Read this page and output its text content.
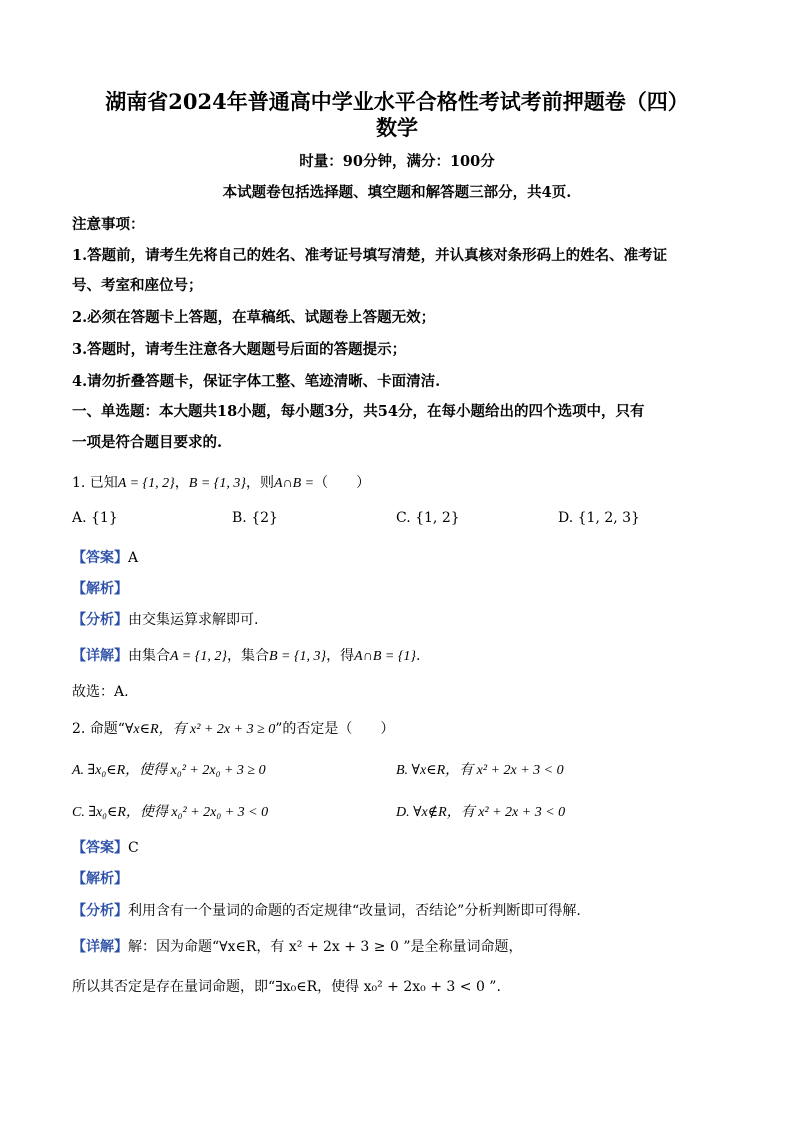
湖南省2024年普通高中学业水平合格性考试考前押题卷（四）
数学
时量：90分钟，满分：100分
本试题卷包括选择题、填空题和解答题三部分，共4页.
注意事项：
1.答题前，请考生先将自己的姓名、准考证号填写清楚，并认真核对条形码上的姓名、准考证
号、考室和座位号；
2.必须在答题卡上答题，在草稿纸、试题卷上答题无效；
3.答题时，请考生注意各大题题号后面的答题提示；
4.请勿折叠答题卡，保证字体工整、笔迹清晰、卡面清洁.
一、单选题：本大题共18小题，每小题3分，共54分，在每小题给出的四个选项中，只有
一项是符合题目要求的.
1. 已知A = {1, 2}，B = {1, 3}，则A∩B =（　　）
A. {1}	B. {2}	C. {1, 2}	D. {1, 2, 3}
【答案】A
【解析】
【分析】由交集运算求解即可.
【详解】由集合A = {1, 2}，集合B = {1, 3}，得A∩B = {1}.
故选：A.
2. 命题“∀x∈R，有 x² + 2x + 3 ≥ 0”的否定是（　　）
A. ∃x₀∈R，使得 x₀² + 2x₀ + 3 ≥ 0	B. ∀x∈R，有 x² + 2x + 3 < 0
C. ∃x₀∈R，使得 x₀² + 2x₀ + 3 < 0	D. ∀x∉R，有 x² + 2x + 3 < 0
【答案】C
【解析】
【分析】利用含有一个量词的命题的否定规律“改量词，否结论”分析判断即可得解.
【详解】解：因为命题“∀x∈R，有 x² + 2x + 3 ≥ 0 ”是全称量词命题，
所以其否定是存在量词命题，即“∃x₀∈R，使得 x₀² + 2x₀ + 3 < 0 ”.
